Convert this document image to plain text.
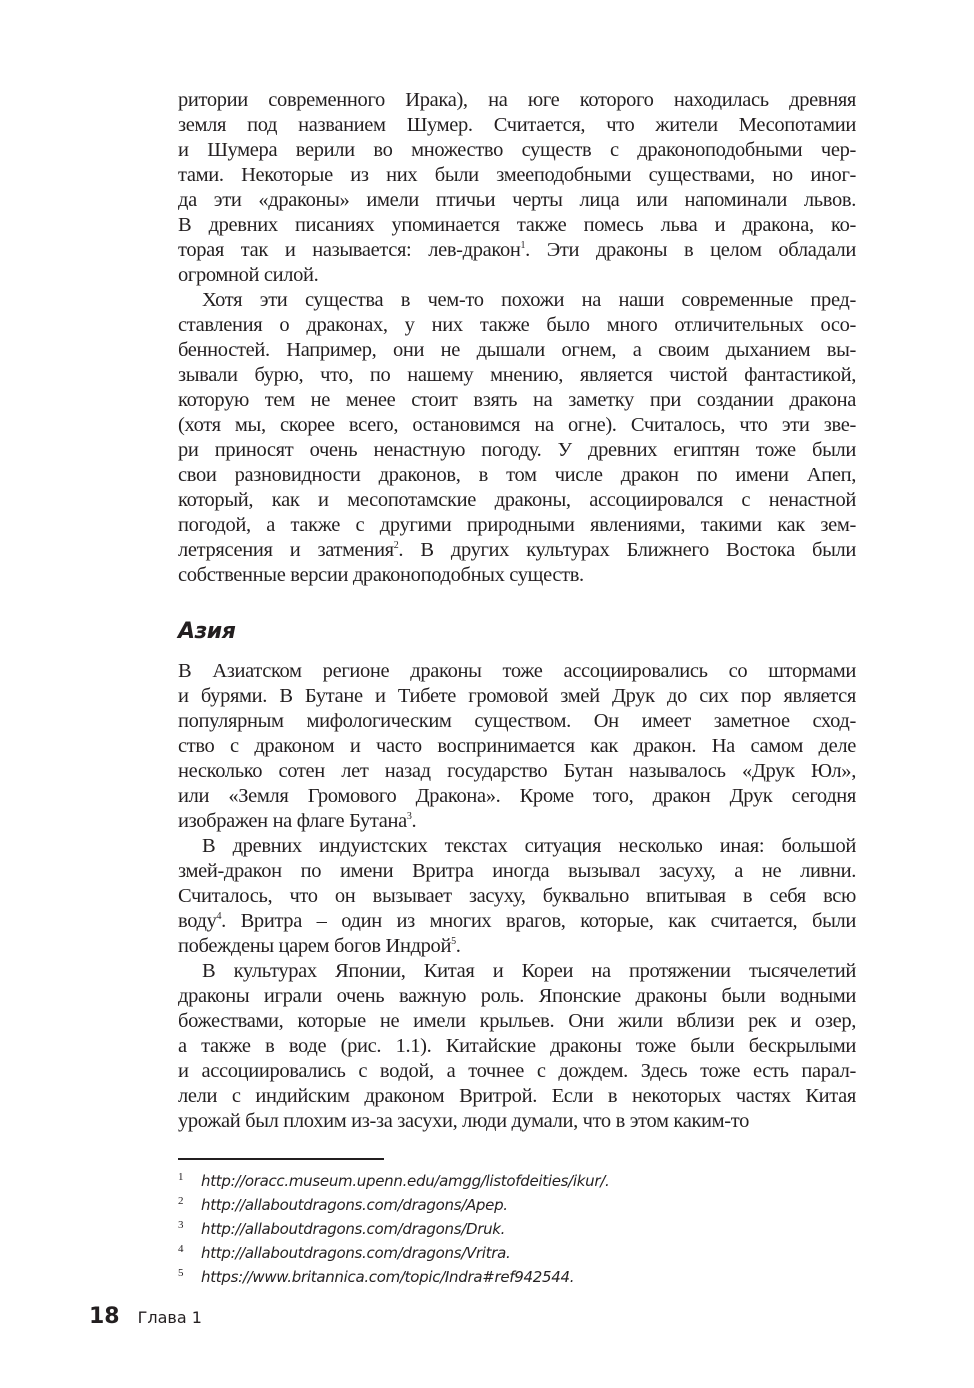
ритории современного Ирака), на юге которого находилась древняя
земля под названием Шумер. Считается, что жители Месопотамии
и Шумера верили во множество существ с драконоподобными чер-
тами. Некоторые из них были змееподобными существами, но иног-
да эти «драконы» имели птичьи черты лица или напоминали львов.
В древних писаниях упоминается также помесь льва и дракона, ко-
торая так и называется: лев-дракон$^1$. Эти драконы в целом обладали
огромной силой.
Хотя эти существа в чем-то похожи на наши современные пред-
ставления о драконах, у них также было много отличительных осо-
бенностей. Например, они не дышали огнем, а своим дыханием вы-
зывали бурю, что, по нашему мнению, является чистой фантастикой,
которую тем не менее стоит взять на заметку при создании дракона
(хотя мы, скорее всего, остановимся на огне). Считалось, что эти зве-
ри приносят очень ненастную погоду. У древних египтян тоже были
свои разновидности драконов, в том числе дракон по имени Апеп,
который, как и месопотамские драконы, ассоциировался с ненастной
погодой, а также с другими природными явлениями, такими как зем-
летрясения и затмения$^2$. В других культурах Ближнего Востока были
собственные версии драконоподобных существ.
Азия
В Азиатском регионе драконы тоже ассоциировались со штормами
и бурями. В Бутане и Тибете громовой змей Друк до сих пор является
популярным мифологическим существом. Он имеет заметное сход-
ство с драконом и часто воспринимается как дракон. На самом деле
несколько сотен лет назад государство Бутан называлось «Друк Юл»,
или «Земля Громового Дракона». Кроме того, дракон Друк сегодня
изображен на флаге Бутана$^3$.
В древних индуистских текстах ситуация несколько иная: большой
змей-дракон по имени Вритра иногда вызывал засуху, а не ливни.
Считалось, что он вызывает засуху, буквально впитывая в себя всю
воду$^4$. Вритра – один из многих врагов, которые, как считается, были
побеждены царем богов Индрой$^5$.
В культурах Японии, Китая и Кореи на протяжении тысячелетий
драконы играли очень важную роль. Японские драконы были водными
божествами, которые не имели крыльев. Они жили вблизи рек и озер,
а также в воде (рис. 1.1). Китайские драконы тоже были бескрылыми
и ассоциировались с водой, а точнее с дождем. Здесь тоже есть парал-
лели с индийским драконом Вритрой. Если в некоторых частях Китая
урожай был плохим из-за засухи, люди думали, что в этом каким-то
1	http://oracc.museum.upenn.edu/amgg/listofdeities/ikur/.
2	http://allaboutdragons.com/dragons/Apep.
3	http://allaboutdragons.com/dragons/Druk.
4	http://allaboutdragons.com/dragons/Vritra.
5	https://www.britannica.com/topic/Indra#ref942544.
18 Глава 1
